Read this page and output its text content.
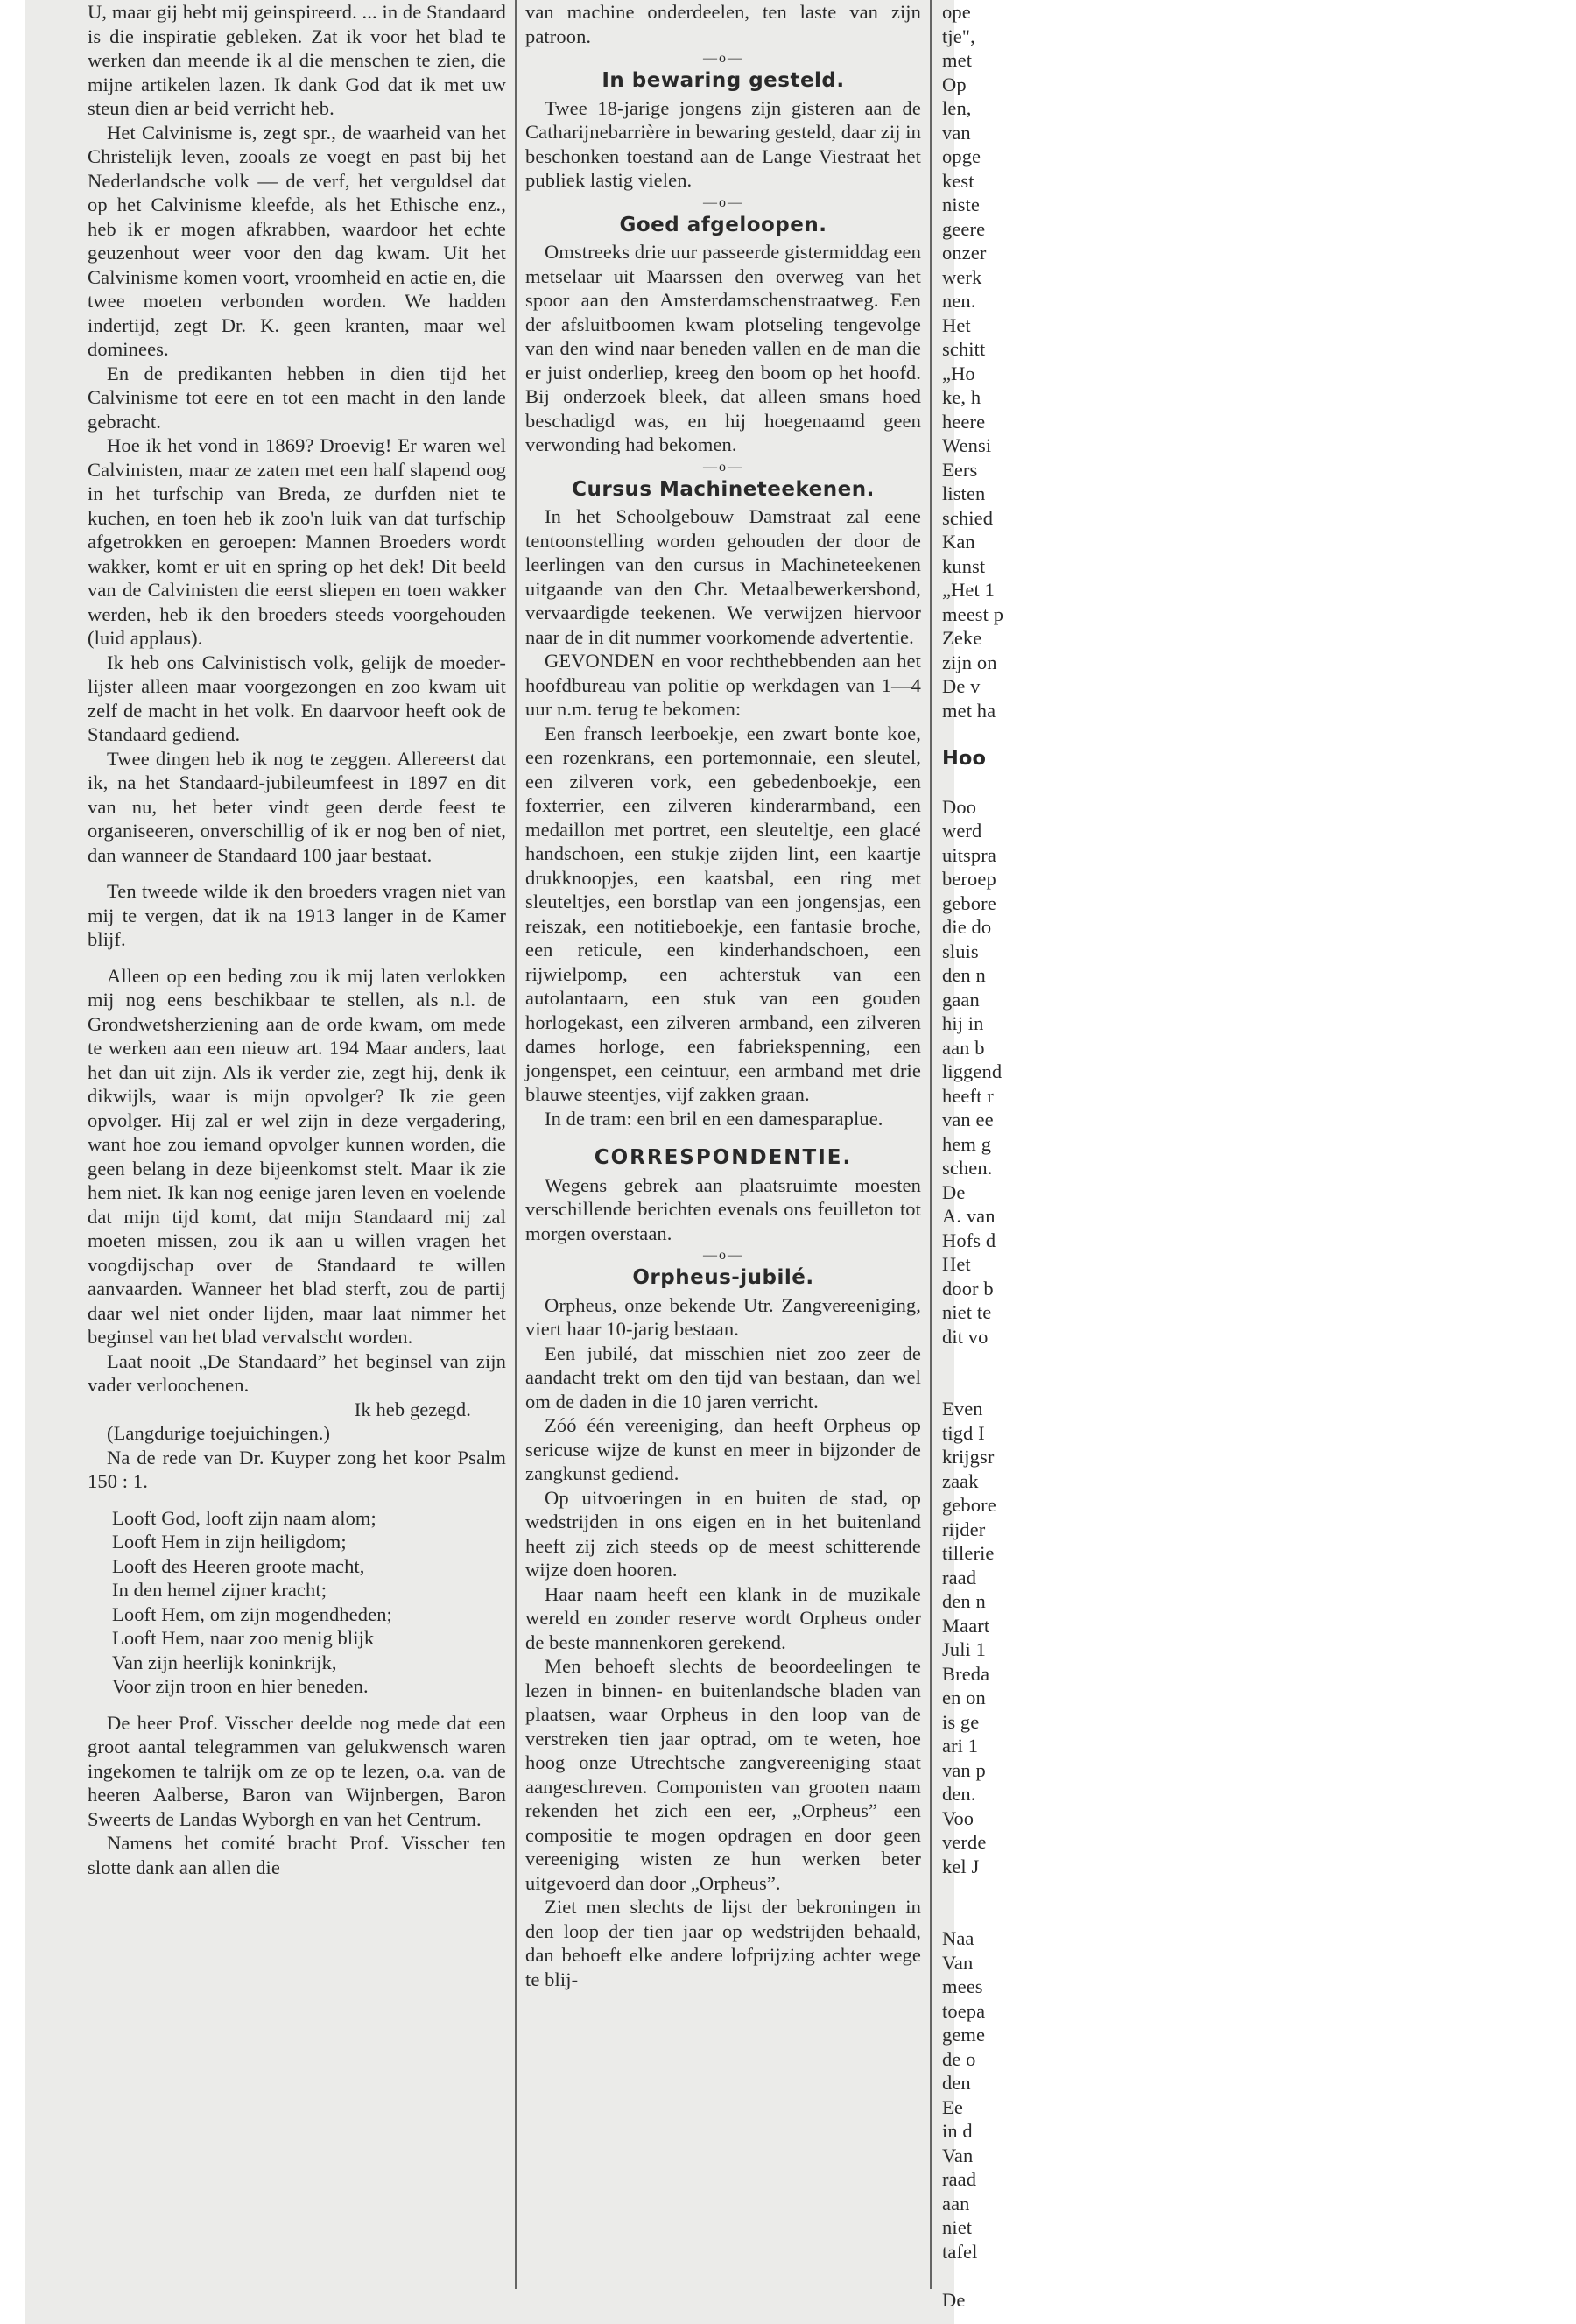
U, maar gij hebt mij geinspireerd. ... in de Standaard is die inspiratie gebleken. Zat ik voor het blad te werken dan meende ik al die menschen te zien, die mijne artikelen lazen. Ik dank God dat ik met uw steun dien ar beid verricht heb.

Het Calvinisme is, zegt spr., de waarheid van het Christelijk leven, zooals ze voegt en past bij het Nederlandsche volk — de verf, het verguldsel dat op het Calvinisme kleefde, als het Ethische enz., heb ik er mogen afkrabben, waardoor het echte geuzenhout weer voor den dag kwam. Uit het Calvinisme komen voort, vroomheid en actie en, die twee moeten verbonden worden. We hadden indertijd, zegt Dr. K. geen kranten, maar wel dominees.

En de predikanten hebben in dien tijd het Calvinisme tot eere en tot een macht in den lande gebracht.

Hoe ik het vond in 1869? Droevig! Er waren wel Calvinisten, maar ze zaten met een half slapend oog in het turfschip van Breda, ze durfden niet te kuchen, en toen heb ik zoo'n luik van dat turfschip afgetrokken en geroepen: Mannen Broeders wordt wakker, komt er uit en spring op het dek! Dit beeld van de Calvinisten die eerst sliepen en toen wakker werden, heb ik den broeders steeds voorgehouden (luid applaus).

Ik heb ons Calvinistisch volk, gelijk de moeder-lijster alleen maar voorgezongen en zoo kwam uit zelf de macht in het volk. En daarvoor heeft ook de Standaard gediend.

Twee dingen heb ik nog te zeggen. Allereerst dat ik, na het Standaard-jubileumfeest in 1897 en dit van nu, het beter vindt geen derde feest te organiseeren, onverschillig of ik er nog ben of niet, dan wanneer de Standaard 100 jaar bestaat.

Ten tweede wilde ik den broeders vragen niet van mij te vergen, dat ik na 1913 langer in de Kamer blijf.

Alleen op een beding zou ik mij laten verlokken mij nog eens beschikbaar te stellen, als n.l. de Grondwetsherziening aan de orde kwam, om mede te werken aan een nieuw art. 194 Maar anders, laat het dan uit zijn. Als ik verder zie, zegt hij, denk ik dikwijls, waar is mijn opvolger? Ik zie geen opvolger. Hij zal er wel zijn in deze vergadering, want hoe zou iemand opvolger kunnen worden, die geen belang in deze bijeenkomst stelt. Maar ik zie hem niet. Ik kan nog eenige jaren leven en voelende dat mijn tijd komt, dat mijn Standaard mij zal moeten missen, zou ik aan u willen vragen het voogdijschap over de Standaard te willen aanvaarden. Wanneer het blad sterft, zou de partij daar wel niet onder lijden, maar laat nimmer het beginsel van het blad vervalscht worden.

Laat nooit „De Standaard” het beginsel van zijn vader verloochenen.

Ik heb gezegd.

(Langdurige toejuichingen.)

Na de rede van Dr. Kuyper zong het koor Psalm 150 : 1.

Looft God, looft zijn naam alom;
Looft Hem in zijn heiligdom;
Looft des Heeren groote macht,
In den hemel zijner kracht;
Looft Hem, om zijn mogendheden;
Looft Hem, naar zoo menig blijk
Van zijn heerlijk koninkrijk,
Voor zijn troon en hier beneden.

De heer Prof. Visscher deelde nog mede dat een groot aantal telegrammen van gelukwensch waren ingekomen te talrijk om ze op te lezen, o.a. van de heeren Aalberse, Baron van Wijnbergen, Baron Sweerts de Landas Wyborgh en van het Centrum.

Namens het comité bracht Prof. Visscher ten slotte dank aan allen die

van machine onderdeelen, ten laste van zijn patroon.

—o—
In bewaring gesteld.

Twee 18-jarige jongens zijn gisteren aan de Catharijnebarrière in bewaring gesteld, daar zij in beschonken toestand aan de Lange Viestraat het publiek lastig vielen.

—o—
Goed afgeloopen.

Omstreeks drie uur passeerde gistermiddag een metselaar uit Maarssen den overweg van het spoor aan den Amsterdamschenstraatweg. Een der afsluitboomen kwam plotseling tengevolge van den wind naar beneden vallen en de man die er juist onderliep, kreeg den boom op het hoofd. Bij onderzoek bleek, dat alleen smans hoed beschadigd was, en hij hoegenaamd geen verwonding had bekomen.

—o—
Cursus Machineteekenen.

In het Schoolgebouw Damstraat zal eene tentoonstelling worden gehouden der door de leerlingen van den cursus in Machineteekenen uitgaande van den Chr. Metaalbewerkersbond, vervaardigde teekenen. We verwijzen hiervoor naar de in dit nummer voorkomende advertentie.

GEVONDEN en voor rechthebbenden aan het hoofdbureau van politie op werkdagen van 1—4 uur n.m. terug te bekomen:

Een fransch leerboekje, een zwart bonte koe, een rozenkrans, een portemonnaie, een sleutel, een zilveren vork, een gebedenboekje, een foxterrier, een zilveren kinderarmband, een medaillon met portret, een sleuteltje, een glacé handschoen, een stukje zijden lint, een kaartje drukknoopjes, een kaatsbal, een ring met sleuteltjes, een borstlap van een jongensjas, een reiszak, een notitieboekje, een fantasie broche, een reticule, een kinderhandschoen, een rijwielpomp, een achterstuk van een autolantaarn, een stuk van een gouden horlogekast, een zilveren armband, een zilveren dames horloge, een fabriekspenning, een jongenspet, een ceintuur, een armband met drie blauwe steentjes, vijf zakken graan.

In de tram: een bril en een damesparaplue.

CORRESPONDENTIE.

Wegens gebrek aan plaatsruimte moesten verschillende berichten evenals ons feuilleton tot morgen overstaan.

—o—
Orpheus-jubilé.

Orpheus, onze bekende Utr. Zangvereeniging, viert haar 10-jarig bestaan.

Een jubilé, dat misschien niet zoo zeer de aandacht trekt om den tijd van bestaan, dan wel om de daden in die 10 jaren verricht.

Zóó één vereeniging, dan heeft Orpheus op sericuse wijze de kunst en meer in bijzonder de zangkunst gediend.

Op uitvoeringen in en buiten de stad, op wedstrijden in ons eigen en in het buitenland heeft zij zich steeds op de meest schitterende wijze doen hooren.

Haar naam heeft een klank in de muzikale wereld en zonder reserve wordt Orpheus onder de beste mannenkoren gerekend.

Men behoeft slechts de beoordeelingen te lezen in binnen- en buitenlandsche bladen van plaatsen, waar Orpheus in den loop van de verstreken tien jaar optrad, om te weten, hoe hoog onze Utrechtsche zangvereeniging staat aangeschreven. Componisten van grooten naam rekenden het zich een eer, „Orpheus” een compositie te mogen opdragen en door geen vereeniging wisten ze hun werken beter uitgevoerd dan door „Orpheus”.

Ziet men slechts de lijst der bekroningen in den loop der tien jaar op wedstrijden behaald, dan behoeft elke andere lofprijzing achter wege te blij-

ope
tje",
met
Op
len,
van
opge
kest
niste
geere
onzer
werk
nen.
Het
schitt
„Ho
ke, h
heere
Wensi
Eers
listen
schied
Kan
kunst
„Het 1
meest p
Zeke
zijn on
De v
met ha

Hoo

Doo
werd
uitspra
beroep
gebore
die do
sluis
den n
gaan
hij in
aan b
liggend
heeft r
van ee
hem g
schen.
De
A. van
Hofs d
Het
door b
niet te
dit vo

Even
tigd I
krijgsr
zaak
gebore
rijder
tillerie
raad
den n
Maart
Juli 1
Breda
en on
is ge
ari 1
van p
den.
Voo
verde
kel J

Naa
Van
mees
toepa
geme
de o
den
Ee
in d
Van
raad
aan
niet
tafel

De
